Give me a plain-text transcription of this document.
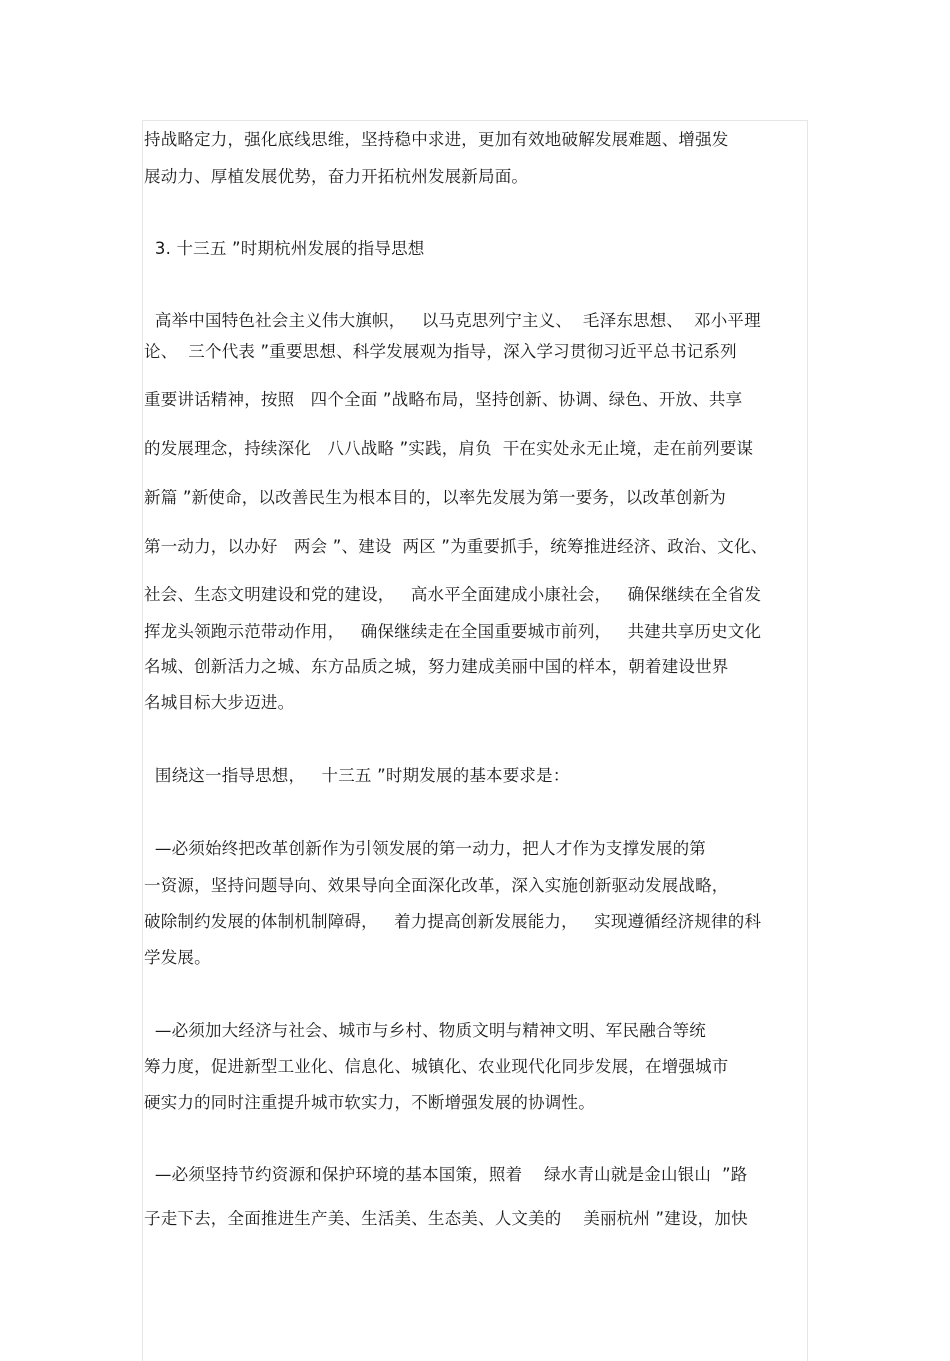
持战略定力，强化底线思维，坚持稳中求进，更加有效地破解发展难题、增强发
展动力、厚植发展优势，奋力开拓杭州发展新局面。
3. 十三五 ”时期杭州发展的指导思想
高举中国特色社会主义伟大旗帜，   以马克思列宁主义、  毛泽东思想、  邓小平理
论、  三个代表 ”重要思想、科学发展观为指导，深入学习贯彻习近平总书记系列
重要讲话精神，按照   四个全面 ”战略布局，坚持创新、协调、绿色、开放、共享
的发展理念，持续深化   八八战略 ”实践，肩负  干在实处永无止境，走在前列要谋
新篇 ”新使命，以改善民生为根本目的，以率先发展为第一要务，以改革创新为
第一动力，以办好   两会 ”、建设  两区 ”为重要抓手，统筹推进经济、政治、文化、
社会、生态文明建设和党的建设，   高水平全面建成小康社会，   确保继续在全省发
挥龙头领跑示范带动作用，   确保继续走在全国重要城市前列，   共建共享历史文化
名城、创新活力之城、东方品质之城，努力建成美丽中国的样本，朝着建设世界
名城目标大步迈进。
围绕这一指导思想，   十三五 ”时期发展的基本要求是：
—必须始终把改革创新作为引领发展的第一动力，把人才作为支撑发展的第
一资源，坚持问题导向、效果导向全面深化改革，深入实施创新驱动发展战略，
破除制约发展的体制机制障碍，   着力提高创新发展能力，   实现遵循经济规律的科
学发展。
—必须加大经济与社会、城市与乡村、物质文明与精神文明、军民融合等统
筹力度，促进新型工业化、信息化、城镇化、农业现代化同步发展，在增强城市
硬实力的同时注重提升城市软实力，不断增强发展的协调性。
—必须坚持节约资源和保护环境的基本国策，照着    绿水青山就是金山银山  ”路
子走下去，全面推进生产美、生活美、生态美、人文美的    美丽杭州 ”建设，加快
